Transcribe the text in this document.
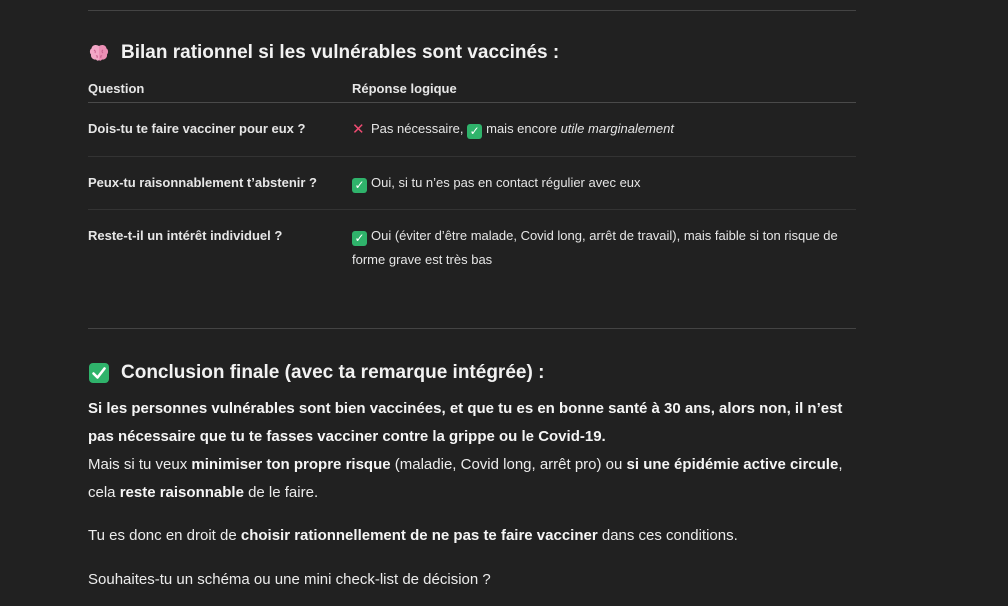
Bilan rationnel si les vulnérables sont vaccinés :
Question	Réponse logique
Dois-tu te faire vacciner pour eux ?	✕ Pas nécessaire, ✓ mais encore utile marginalement
Peux-tu raisonnablement t’abstenir ?	✓ Oui, si tu n’es pas en contact régulier avec eux
Reste-t-il un intérêt individuel ?	✓ Oui (éviter d’être malade, Covid long, arrêt de travail), mais faible si ton risque de forme grave est très bas
Conclusion finale (avec ta remarque intégrée) :
Si les personnes vulnérables sont bien vaccinées, et que tu es en bonne santé à 30 ans, alors non, il n’est pas nécessaire que tu te fasses vacciner contre la grippe ou le Covid-19.
Mais si tu veux minimiser ton propre risque (maladie, Covid long, arrêt pro) ou si une épidémie active circule, cela reste raisonnable de le faire.
Tu es donc en droit de choisir rationnellement de ne pas te faire vacciner dans ces conditions.
Souhaites-tu un schéma ou une mini check-list de décision ?
